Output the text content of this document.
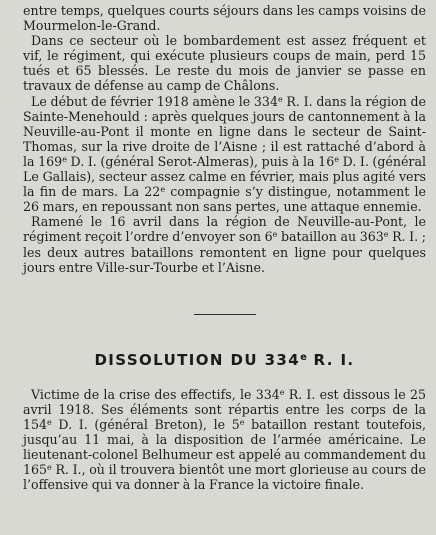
entre temps, quelques courts séjours dans les camps voisins de Mourmelon-le-Grand.

Dans ce secteur où le bombardement est assez fréquent et vif, le régiment, qui exécute plusieurs coups de main, perd 15 tués et 65 blessés. Le reste du mois de janvier se passe en travaux de défense au camp de Châlons.

Le début de février 1918 amène le 334e R. I. dans la région de Sainte-Menehould : après quelques jours de cantonnement à la Neuville-au-Pont il monte en ligne dans le secteur de Saint-Thomas, sur la rive droite de l’Aisne ; il est rattaché d’abord à la 169e D. I. (général Serot-Almeras), puis à la 16e D. I. (général Le Gallais), secteur assez calme en février, mais plus agité vers la fin de mars. La 22e compagnie s’y distingue, notamment le 26 mars, en repoussant non sans pertes, une attaque ennemie.

Ramené le 16 avril dans la région de Neuville-au-Pont, le régiment reçoit l’ordre d’envoyer son 6e bataillon au 363e R. I. ; les deux autres bataillons remontent en ligne pour quelques jours entre Ville-sur-Tourbe et l’Aisne.

DISSOLUTION DU 334e R. I.

Victime de la crise des effectifs, le 334e R. I. est dissous le 25 avril 1918. Ses éléments sont répartis entre les corps de la 154e D. I. (général Breton), le 5e bataillon restant toutefois, jusqu’au 11 mai, à la disposition de l’armée américaine. Le lieutenant-colonel Belhumeur est appelé au commandement du 165e R. I., où il trouvera bientôt une mort glorieuse au cours de l’offensive qui va donner à la France la victoire finale.
